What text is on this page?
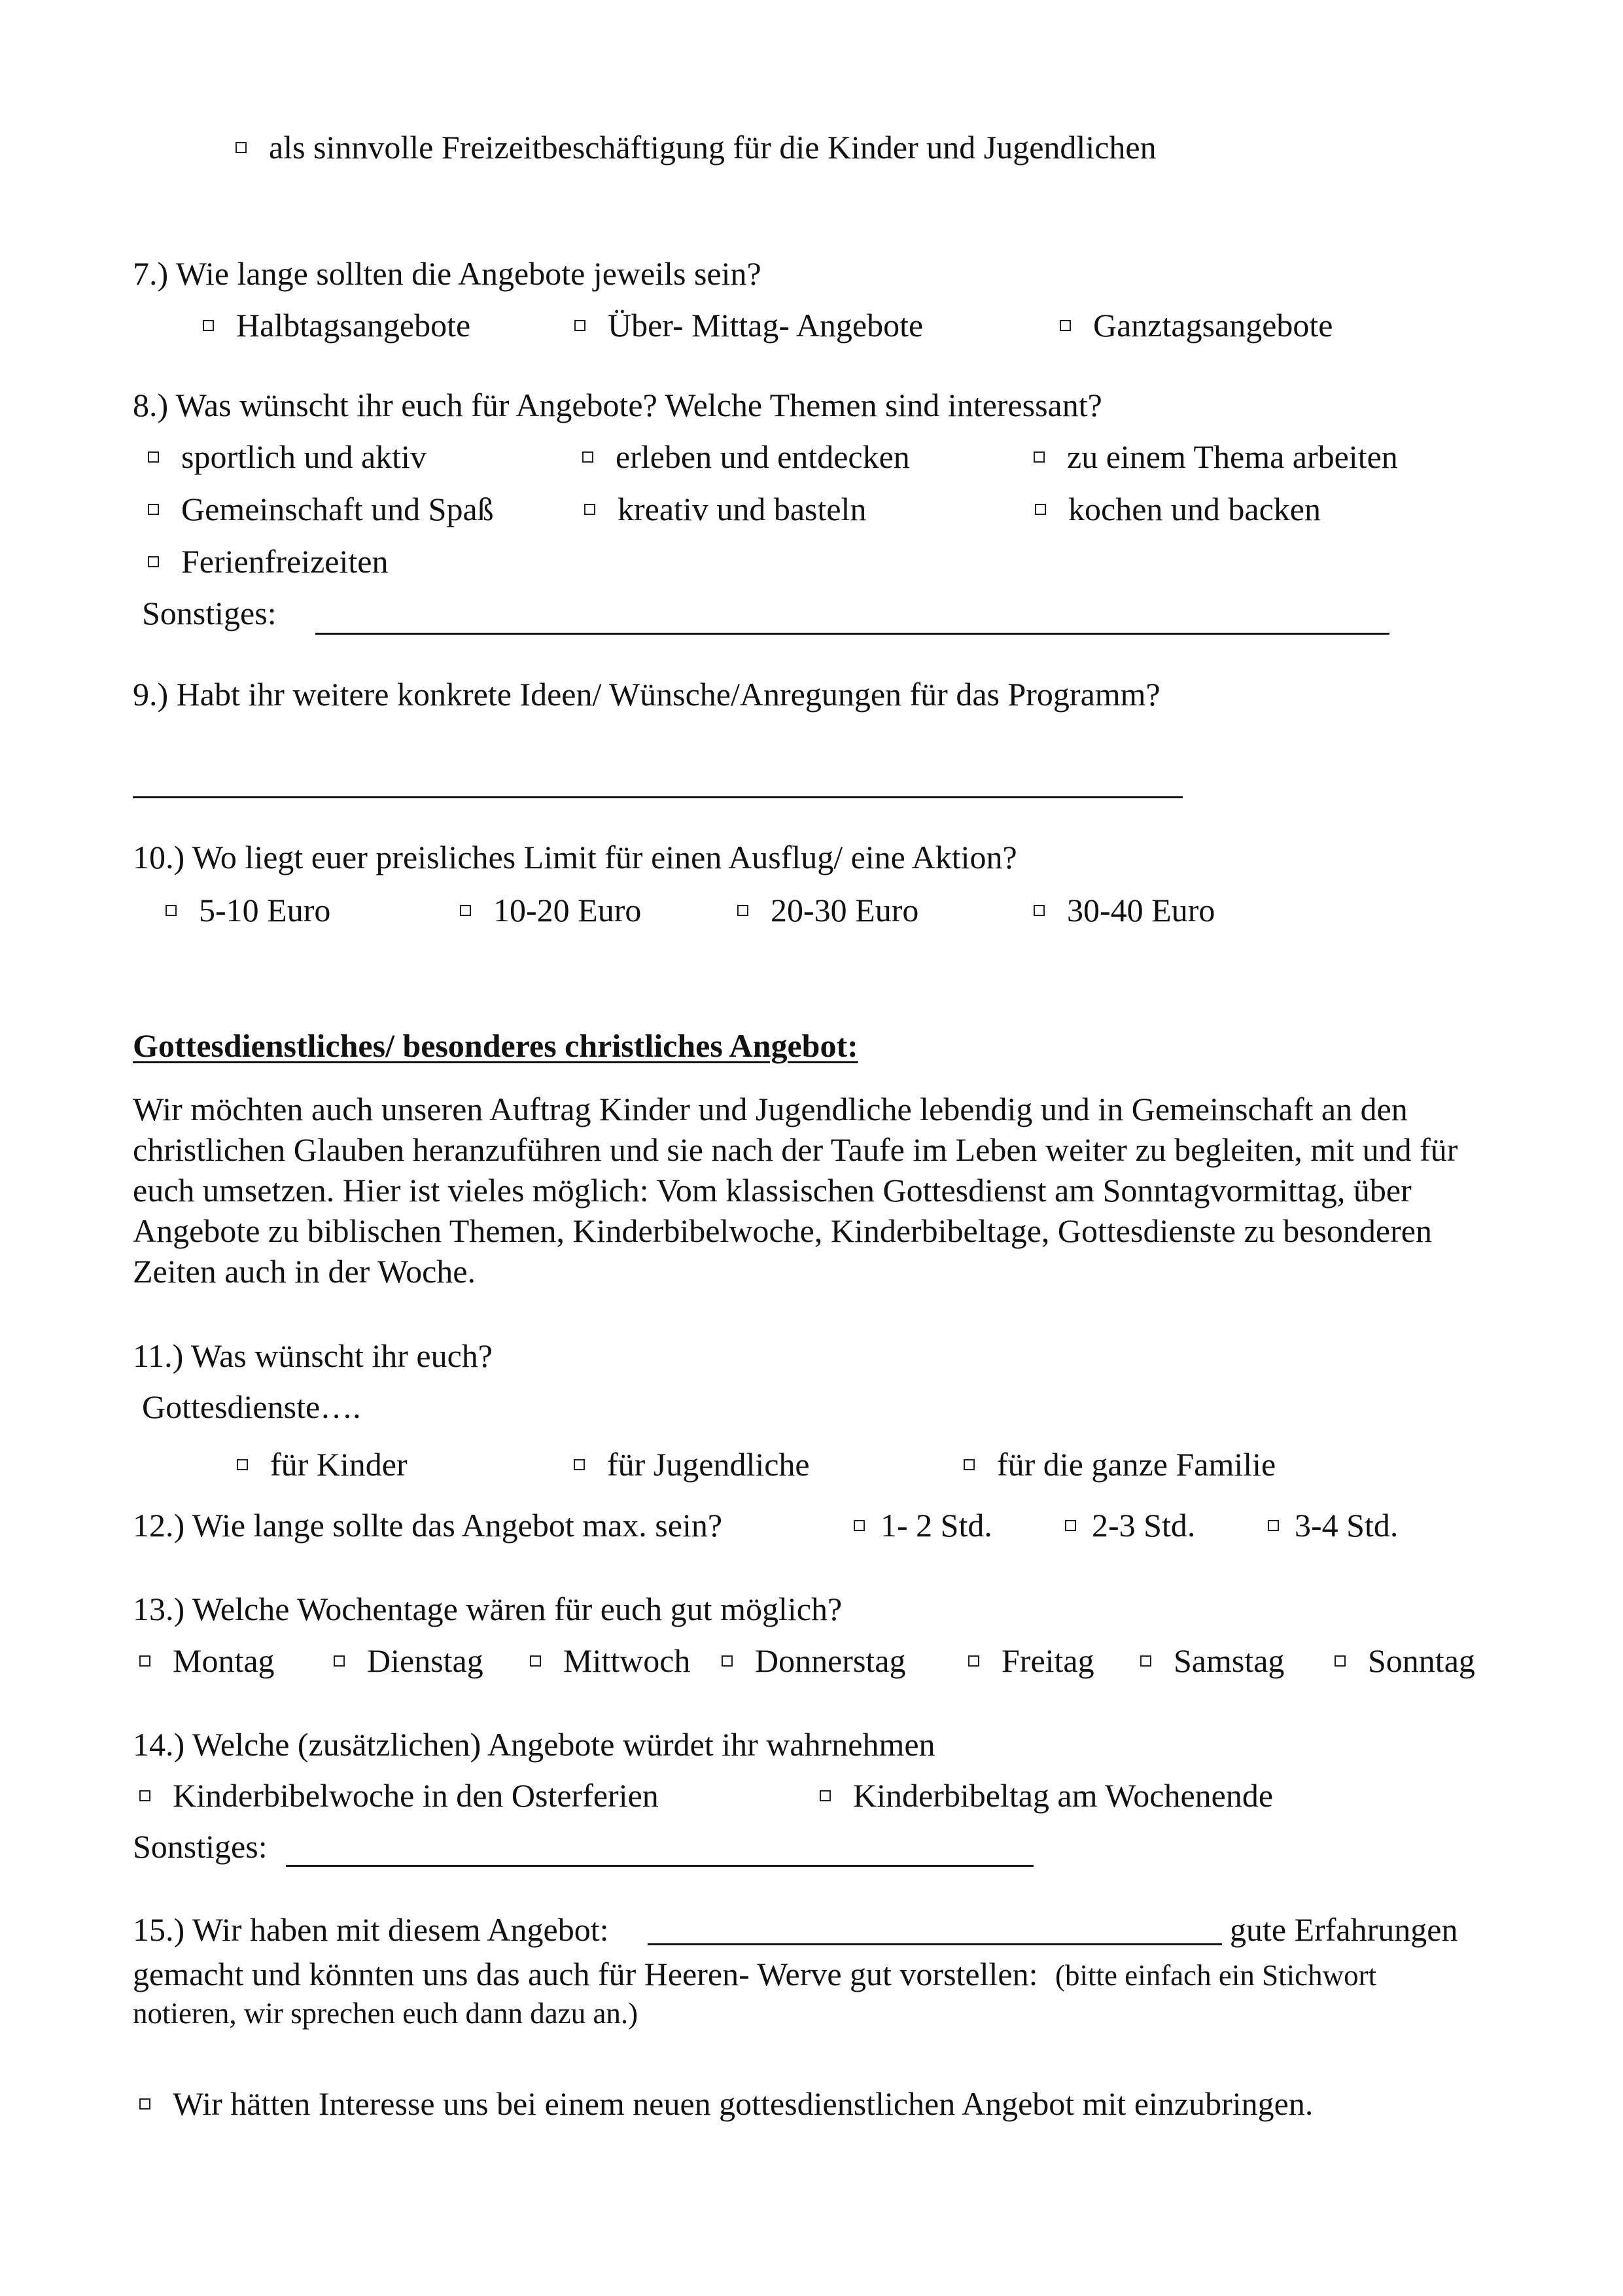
als sinnvolle Freizeitbeschäftigung für die Kinder und Jugendlichen
7.) Wie lange sollten die Angebote jeweils sein?
Halbtagsangebote	Über- Mittag- Angebote	Ganztagsangebote
8.) Was wünscht ihr euch für Angebote? Welche Themen sind interessant?
sportlich und aktiv	erleben und entdecken	zu einem Thema arbeiten
Gemeinschaft und Spaß	kreativ und basteln	kochen und backen
Ferienfreizeiten
Sonstiges:
9.) Habt ihr weitere konkrete Ideen/ Wünsche/Anregungen für das Programm?
10.) Wo liegt euer preisliches Limit für einen Ausflug/ eine Aktion?
5-10 Euro	10-20 Euro	20-30 Euro	30-40 Euro
Gottesdienstliches/ besonderes christliches Angebot:
Wir möchten auch unseren Auftrag Kinder und Jugendliche lebendig und in Gemeinschaft an den christlichen Glauben heranzuführen und sie nach der Taufe im Leben weiter zu begleiten, mit und für euch umsetzen. Hier ist vieles möglich: Vom klassischen Gottesdienst am Sonntagvormittag, über Angebote zu biblischen Themen, Kinderbibelwoche, Kinderbibeltage, Gottesdienste zu besonderen Zeiten auch in der Woche.
11.) Was wünscht ihr euch?
Gottesdienste….
für Kinder	für Jugendliche	für die ganze Familie
12.) Wie lange sollte das Angebot max. sein?	1- 2 Std.	2-3 Std.	3-4 Std.
13.) Welche Wochentage wären für euch gut möglich?
Montag	Dienstag Mittwoch Donnerstag	Freitag Samstag	Sonntag
14.) Welche (zusätzlichen) Angebote würdet ihr wahrnehmen
Kinderbibelwoche in den Osterferien	Kinderbibeltag am Wochenende
Sonstiges:
15.) Wir haben mit diesem Angebot:	gute Erfahrungen
gemacht und könnten uns das auch für Heeren- Werve gut vorstellen: (bitte einfach ein Stichwort
notieren, wir sprechen euch dann dazu an.)
Wir hätten Interesse uns bei einem neuen gottesdienstlichen Angebot mit einzubringen.
